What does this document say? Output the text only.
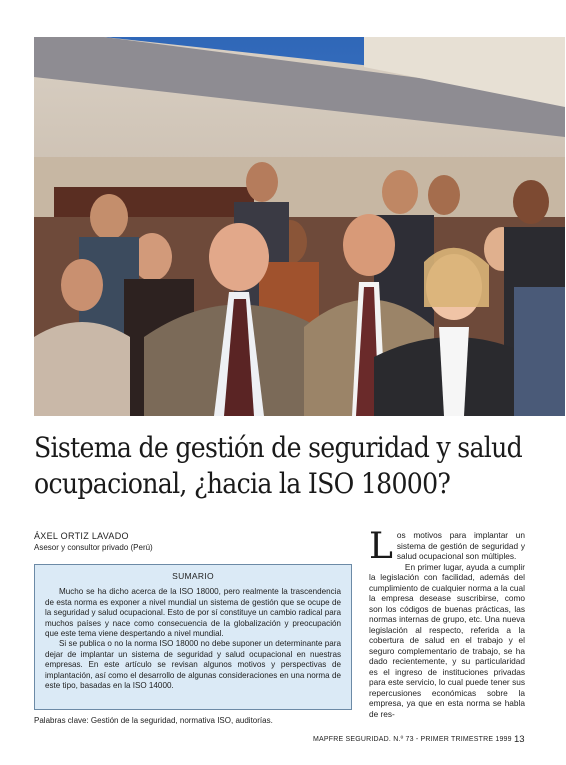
Sistema de gestión de seguridad y salud ocupacional, ¿hacia la ISO 18000?
ÁXEL ORTIZ LAVADO
Asesor y consultor privado (Perú)
SUMARIO

Mucho se ha dicho acerca de la ISO 18000, pero realmente la trascendencia de esta norma es exponer a nivel mundial un sistema de gestión que se ocupe de la seguridad y salud ocupacional. Esto de por sí constituye un cambio radical para muchos países y nace como consecuencia de la globalización y preocupación que este tema viene despertando a nivel mundial.

Si se publica o no la norma ISO 18000 no debe suponer un determinante para dejar de implantar un sistema de seguridad y salud ocupacional en nuestras empresas. En este artículo se revisan algunos motivos y perspectivas de implantación, así como el desarrollo de algunas consideraciones en una norma de este tipo, basadas en la ISO 14000.

Palabras clave: Gestión de la seguridad, normativa ISO, auditorías.

Los motivos para implantar un sistema de gestión de seguridad y salud ocupacional son múltiples.

En primer lugar, ayuda a cumplir la legislación con facilidad, además del cumplimiento de cualquier norma a la cual la empresa desease suscribirse, como son los códigos de buenas prácticas, las normas internas de grupo, etc. Una nueva legislación al respecto, referida a la cobertura de salud en el trabajo y el seguro complementario de trabajo, se ha dado recientemente, y su particularidad es el ingreso de instituciones privadas para este servicio, lo cual puede tener sus repercusiones económicas sobre la empresa, ya que en esta norma se habla de res-

MAPFRE SEGURIDAD. N.º 73 - PRIMER TRIMESTRE 1999 13
